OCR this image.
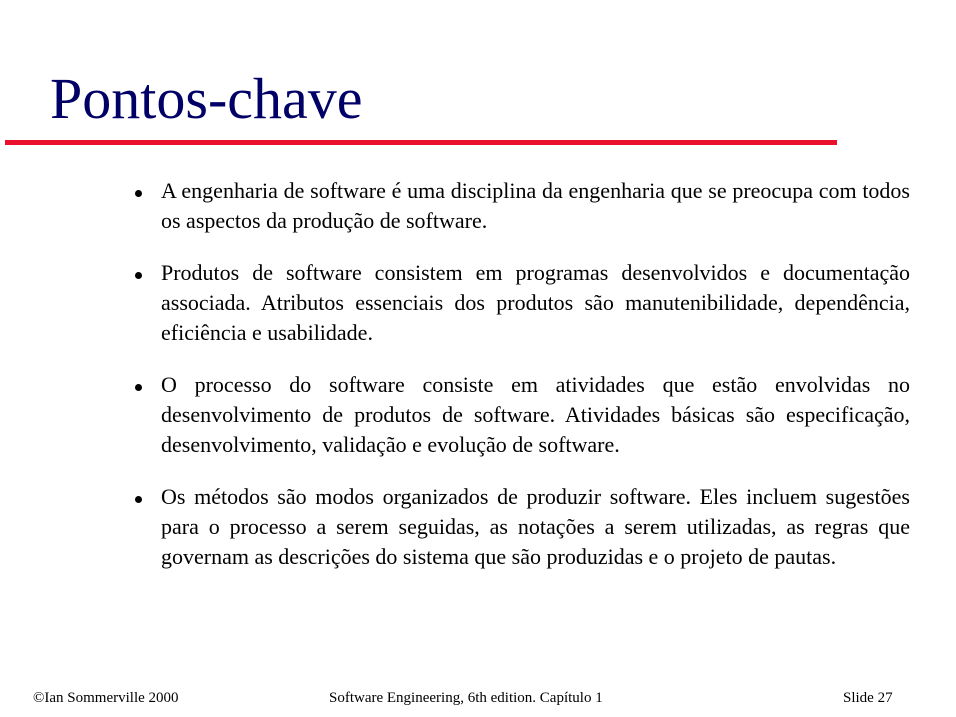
Pontos-chave
A engenharia de software é uma disciplina da engenharia que se preocupa com todos os aspectos da produção de software.
Produtos de software consistem em programas desenvolvidos e documentação associada. Atributos essenciais dos produtos são manutenibilidade, dependência, eficiência e usabilidade.
O processo do software consiste em atividades que estão envolvidas no desenvolvimento de produtos de software. Atividades básicas são especificação, desenvolvimento, validação e evolução de software.
Os métodos são modos organizados de produzir software. Eles incluem sugestões para o processo a serem seguidas, as notações a serem utilizadas, as regras que governam as descrições do sistema que são produzidas e o projeto de pautas.
©Ian Sommerville 2000	Software Engineering, 6th edition. Capítulo 1	Slide 27
